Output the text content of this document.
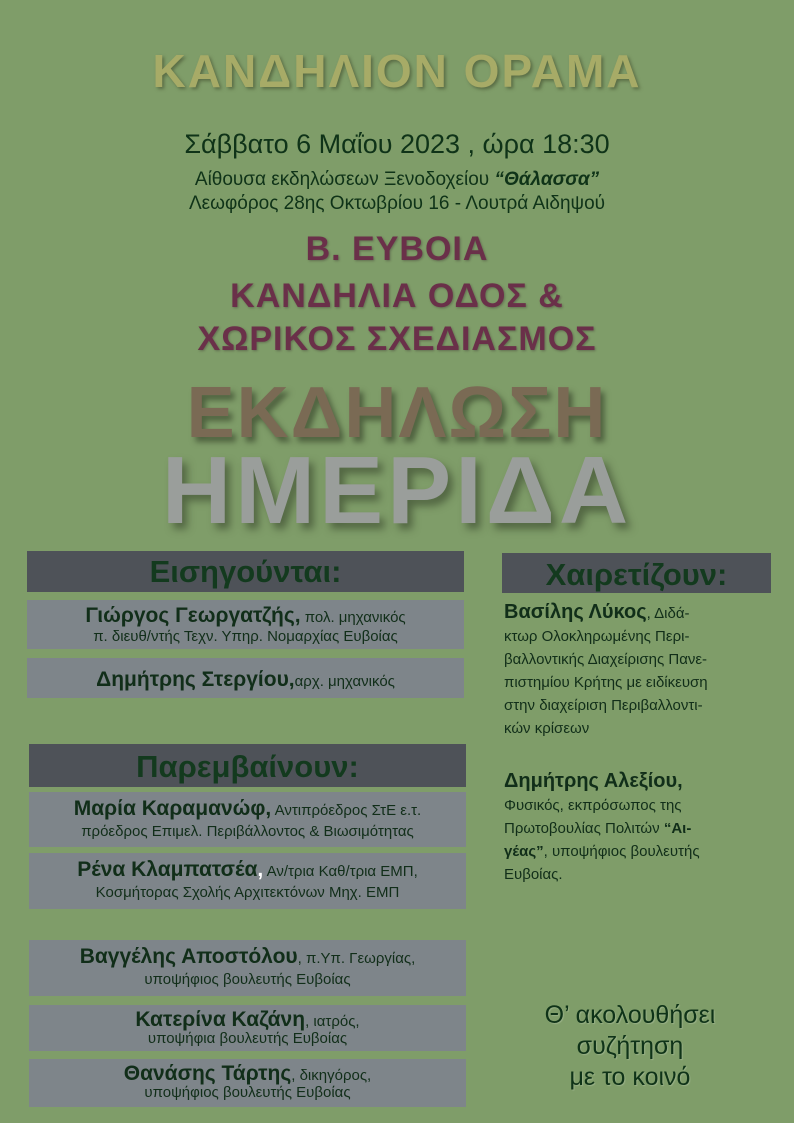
ΚΑΝΔΗΛΙΟΝ ΟΡΑΜΑ
Σάββατο 6 Μαΐου 2023 , ώρα 18:30
Αίθουσα εκδηλώσεων Ξενοδοχείου “Θάλασσα”
Λεωφόρος 28ης Οκτωβρίου 16 - Λουτρά Αιδηψού
Β. ΕΥΒΟΙΑ
ΚΑΝΔΗΛΙΑ ΟΔΟΣ &
ΧΩΡΙΚΟΣ ΣΧΕΔΙΑΣΜΟΣ
ΕΚΔΗΛΩΣΗ
ΗΜΕΡΙΔΑ
Εισηγούνται:
Γιώργος Γεωργατζής, πολ. μηχανικός
π. διευθ/ντής Τεχν. Υπηρ. Νομαρχίας Ευβοίας
Δημήτρης Στεργίου,αρχ. μηχανικός
Παρεμβαίνουν:
Μαρία Καραμανώφ, Αντιπρόεδρος ΣτΕ ε.τ.
πρόεδρος Επιμελ. Περιβάλλοντος & Βιωσιμότητας
Ρένα Κλαμπατσέα, Αν/τρια Καθ/τρια ΕΜΠ,
Κοσμήτορας Σχολής Αρχιτεκτόνων Μηχ. ΕΜΠ
Βαγγέλης Αποστόλου, π.Υπ. Γεωργίας,
υποψήφιος βουλευτής Ευβοίας
Κατερίνα Καζάνη, ιατρός,
υποψήφια βουλευτής Ευβοίας
Θανάσης Τάρτης, δικηγόρος,
υποψήφιος βουλευτής Ευβοίας
Χαιρετίζουν:

Βασίλης Λύκος, Διδά-

κτωρ Ολοκληρωμένης Περι-

βαλλοντικής Διαχείρισης Πανε-

πιστημίου Κρήτης με ειδίκευση

στην διαχείριση Περιβαλλοντι-

κών κρίσεων

Δημήτρης Αλεξίου,

Φυσικός, εκπρόσωπος της

Πρωτοβουλίας Πολιτών “Αι-

γέας”, υποψήφιος βουλευτής

Ευβοίας.

Θ’ ακολουθήσει
συζήτηση
με το κοινό
